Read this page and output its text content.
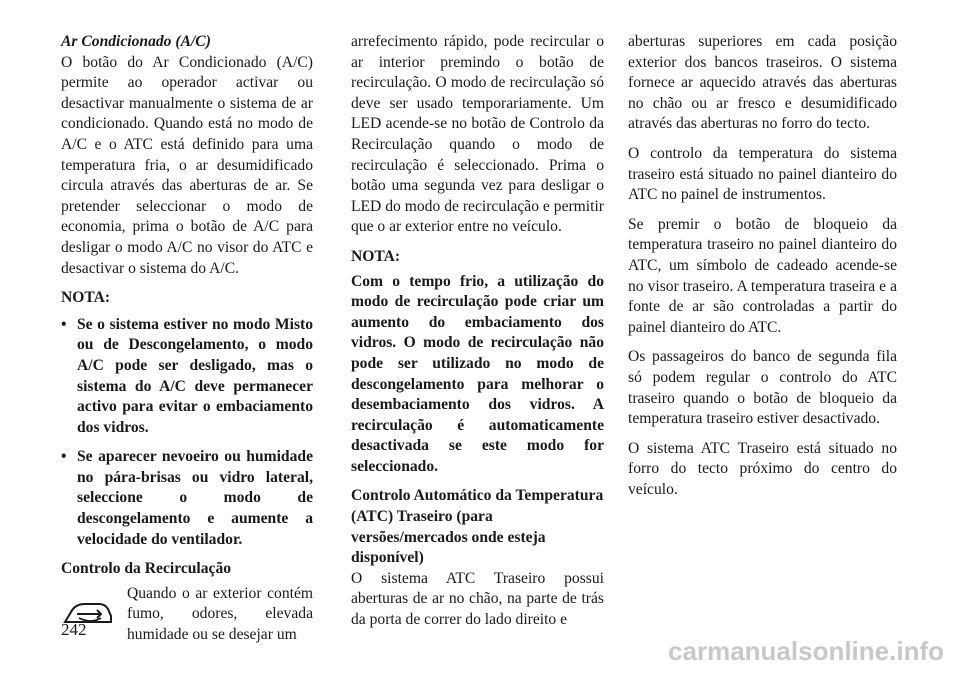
Ar Condicionado (A/C)

O botão do Ar Condicionado (A/C) permite ao operador activar ou desactivar manualmente o sistema de ar condicionado. Quando está no modo de A/C e o ATC está definido para uma temperatura fria, o ar desumidificado circula através das aberturas de ar. Se pretender seleccionar o modo de economia, prima o botão de A/C para desligar o modo A/C no visor do ATC e desactivar o sistema do A/C.

NOTA:

• Se o sistema estiver no modo Misto ou de Descongelamento, o modo A/C pode ser desligado, mas o sistema do A/C deve permanecer activo para evitar o embaciamento dos vidros.
• Se aparecer nevoeiro ou humidade no pára-brisas ou vidro lateral, seleccione o modo de descongelamento e aumente a velocidade do ventilador.

Controlo da Recirculação

Quando o ar exterior contém fumo, odores, elevada humidade ou se desejar um

arrefecimento rápido, pode recircular o ar interior premindo o botão de recirculação. O modo de recirculação só deve ser usado temporariamente. Um LED acende-se no botão de Controlo da Recirculação quando o modo de recirculação é seleccionado. Prima o botão uma segunda vez para desligar o LED do modo de recirculação e permitir que o ar exterior entre no veículo.

NOTA:

Com o tempo frio, a utilização do modo de recirculação pode criar um aumento do embaciamento dos vidros. O modo de recirculação não pode ser utilizado no modo de descongelamento para melhorar o desembaciamento dos vidros. A recirculação é automaticamente desactivada se este modo for seleccionado.

Controlo Automático da Temperatura (ATC) Traseiro (para versões/mercados onde esteja disponível)

O sistema ATC Traseiro possui aberturas de ar no chão, na parte de trás da porta de correr do lado direito e

aberturas superiores em cada posição exterior dos bancos traseiros. O sistema fornece ar aquecido através das aberturas no chão ou ar fresco e desumidificado através das aberturas no forro do tecto.

O controlo da temperatura do sistema traseiro está situado no painel dianteiro do ATC no painel de instrumentos.

Se premir o botão de bloqueio da temperatura traseiro no painel dianteiro do ATC, um símbolo de cadeado acende-se no visor traseiro. A temperatura traseira e a fonte de ar são controladas a partir do painel dianteiro do ATC.

Os passageiros do banco de segunda fila só podem regular o controlo do ATC traseiro quando o botão de bloqueio da temperatura traseiro estiver desactivado.

O sistema ATC Traseiro está situado no forro do tecto próximo do centro do veículo.

242
carmanualsonline.info
